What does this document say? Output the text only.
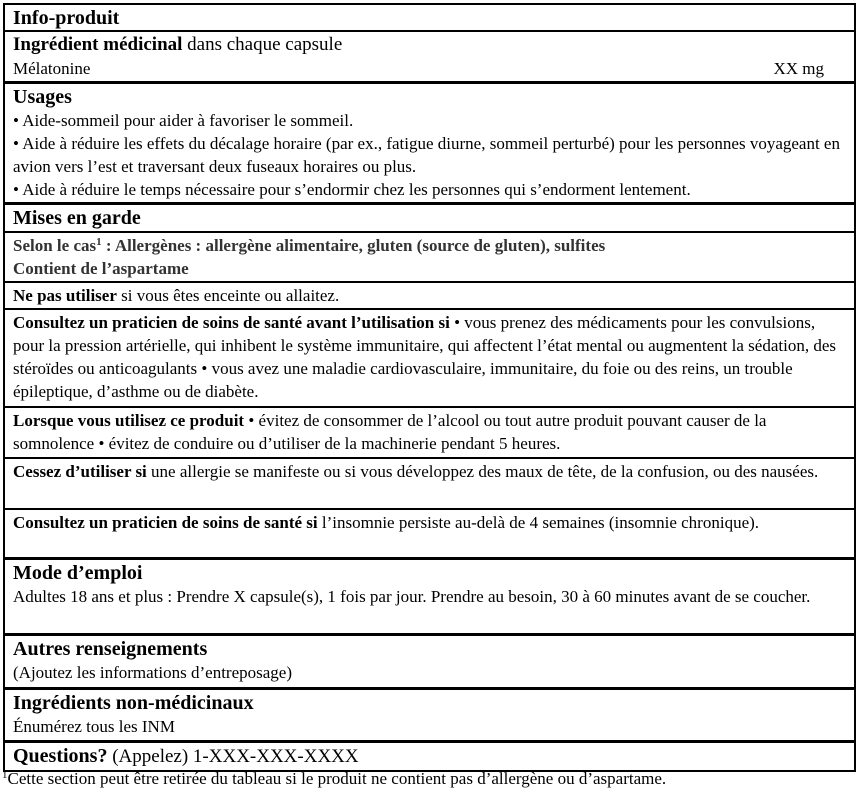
Info-produit
Ingrédient médicinal dans chaque capsule
Mélatonine	XX mg
Usages
• Aide-sommeil pour aider à favoriser le sommeil.
• Aide à réduire les effets du décalage horaire (par ex., fatigue diurne, sommeil perturbé) pour les personnes voyageant en avion vers l’est et traversant deux fuseaux horaires ou plus.
• Aide à réduire le temps nécessaire pour s’endormir chez les personnes qui s’endorment lentement.
Mises en garde
Selon le cas$^1$ : Allergènes : allergène alimentaire, gluten (source de gluten), sulfites
Contient de l’aspartame
Ne pas utiliser si vous êtes enceinte ou allaitez.
Consultez un praticien de soins de santé avant l’utilisation si • vous prenez des médicaments pour les convulsions, pour la pression artérielle, qui inhibent le système immunitaire, qui affectent l’état mental ou augmentent la sédation, des stéroïdes ou anticoagulants • vous avez une maladie cardiovasculaire, immunitaire, du foie ou des reins, un trouble épileptique, d’asthme ou de diabète.
Lorsque vous utilisez ce produit • évitez de consommer de l’alcool ou tout autre produit pouvant causer de la somnolence • évitez de conduire ou d’utiliser de la machinerie pendant 5 heures.
Cessez d’utiliser si une allergie se manifeste ou si vous développez des maux de tête, de la confusion, ou des nausées.
Consultez un praticien de soins de santé si l’insomnie persiste au-delà de 4 semaines (insomnie chronique).
Mode d’emploi
Adultes 18 ans et plus : Prendre X capsule(s), 1 fois par jour. Prendre au besoin, 30 à 60 minutes avant de se coucher.
Autres renseignements
(Ajoutez les informations d’entreposage)
Ingrédients non-médicinaux
Énumérez tous les INM
Questions? (Appelez) 1-XXX-XXX-XXXX
$^1$Cette section peut être retirée du tableau si le produit ne contient pas d’allergène ou d’aspartame.
